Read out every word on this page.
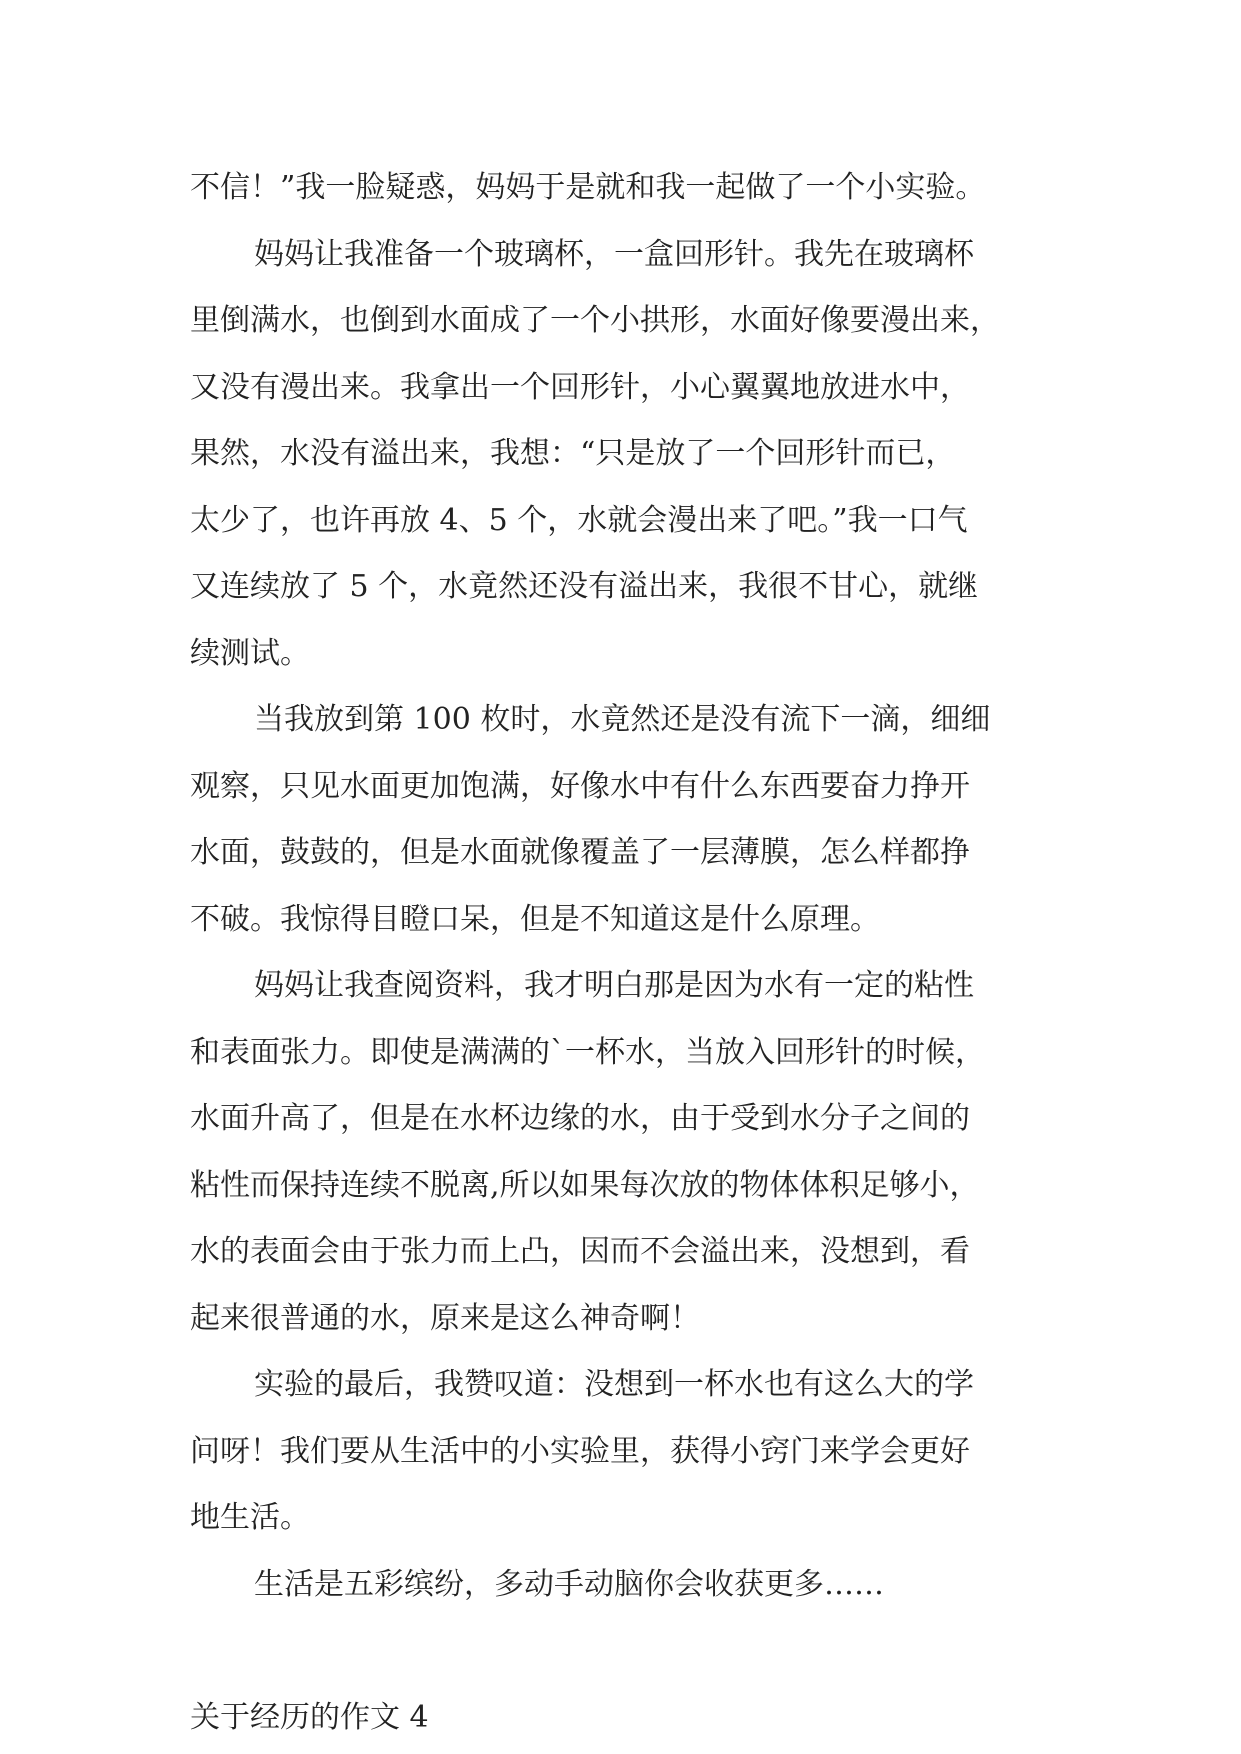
不信！”我一脸疑惑，妈妈于是就和我一起做了一个小实验。
妈妈让我准备一个玻璃杯，一盒回形针。我先在玻璃杯
里倒满水，也倒到水面成了一个小拱形，水面好像要漫出来，
又没有漫出来。我拿出一个回形针，小心翼翼地放进水中，
果然，水没有溢出来，我想：“只是放了一个回形针而已，
太少了，也许再放 4、5 个，水就会漫出来了吧。”我一口气
又连续放了 5 个，水竟然还没有溢出来，我很不甘心，就继
续测试。
当我放到第 100 枚时，水竟然还是没有流下一滴，细细
观察，只见水面更加饱满，好像水中有什么东西要奋力挣开
水面，鼓鼓的，但是水面就像覆盖了一层薄膜，怎么样都挣
不破。我惊得目瞪口呆，但是不知道这是什么原理。
妈妈让我查阅资料，我才明白那是因为水有一定的粘性
和表面张力。即使是满满的`一杯水，当放入回形针的时候，
水面升高了，但是在水杯边缘的水，由于受到水分子之间的
粘性而保持连续不脱离,所以如果每次放的物体体积足够小，
水的表面会由于张力而上凸，因而不会溢出来，没想到，看
起来很普通的水，原来是这么神奇啊！
实验的最后，我赞叹道：没想到一杯水也有这么大的学
问呀！我们要从生活中的小实验里，获得小窍门来学会更好
地生活。
生活是五彩缤纷，多动手动脑你会收获更多……
关于经历的作文 4
